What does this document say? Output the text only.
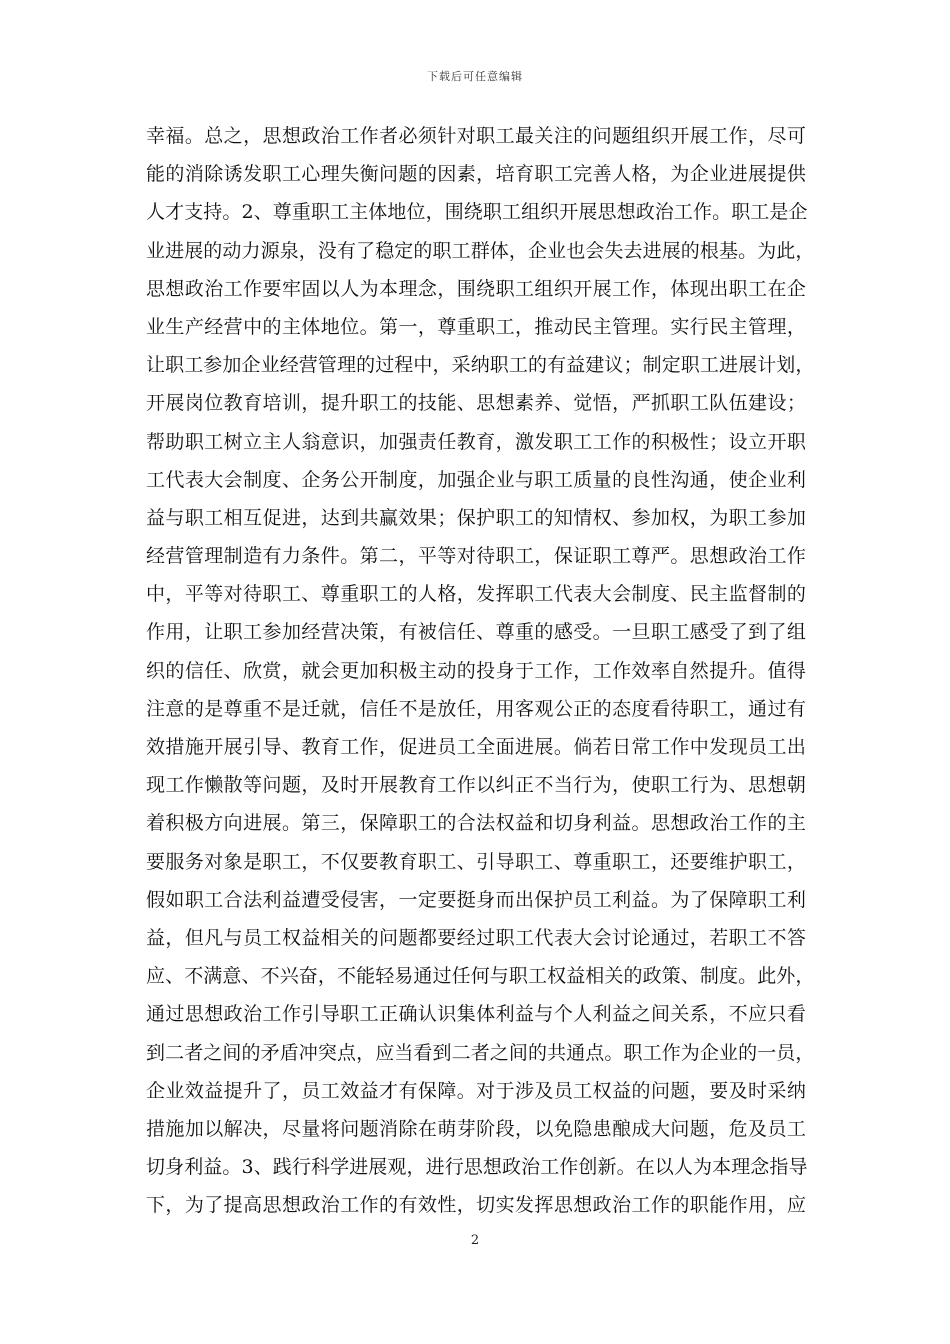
下载后可任意编辑
幸福。总之，思想政治工作者必须针对职工最关注的问题组织开展工作，尽可
能的消除诱发职工心理失衡问题的因素，培育职工完善人格，为企业进展提供
人才支持。2、尊重职工主体地位，围绕职工组织开展思想政治工作。职工是企
业进展的动力源泉，没有了稳定的职工群体，企业也会失去进展的根基。为此，
思想政治工作要牢固以人为本理念，围绕职工组织开展工作，体现出职工在企
业生产经营中的主体地位。第一，尊重职工，推动民主管理。实行民主管理，
让职工参加企业经营管理的过程中，采纳职工的有益建议；制定职工进展计划，
开展岗位教育培训，提升职工的技能、思想素养、觉悟，严抓职工队伍建设；
帮助职工树立主人翁意识，加强责任教育，激发职工工作的积极性；设立开职
工代表大会制度、企务公开制度，加强企业与职工质量的良性沟通，使企业利
益与职工相互促进，达到共赢效果；保护职工的知情权、参加权，为职工参加
经营管理制造有力条件。第二，平等对待职工，保证职工尊严。思想政治工作
中，平等对待职工、尊重职工的人格，发挥职工代表大会制度、民主监督制的
作用，让职工参加经营决策，有被信任、尊重的感受。一旦职工感受了到了组
织的信任、欣赏，就会更加积极主动的投身于工作，工作效率自然提升。值得
注意的是尊重不是迁就，信任不是放任，用客观公正的态度看待职工，通过有
效措施开展引导、教育工作，促进员工全面进展。倘若日常工作中发现员工出
现工作懒散等问题，及时开展教育工作以纠正不当行为，使职工行为、思想朝
着积极方向进展。第三，保障职工的合法权益和切身利益。思想政治工作的主
要服务对象是职工，不仅要教育职工、引导职工、尊重职工，还要维护职工，
假如职工合法利益遭受侵害，一定要挺身而出保护员工利益。为了保障职工利
益，但凡与员工权益相关的问题都要经过职工代表大会讨论通过，若职工不答
应、不满意、不兴奋，不能轻易通过任何与职工权益相关的政策、制度。此外，
通过思想政治工作引导职工正确认识集体利益与个人利益之间关系，不应只看
到二者之间的矛盾冲突点，应当看到二者之间的共通点。职工作为企业的一员，
企业效益提升了，员工效益才有保障。对于涉及员工权益的问题，要及时采纳
措施加以解决，尽量将问题消除在萌芽阶段，以免隐患酿成大问题，危及员工
切身利益。3、践行科学进展观，进行思想政治工作创新。在以人为本理念指导
下，为了提高思想政治工作的有效性，切实发挥思想政治工作的职能作用，应
2
